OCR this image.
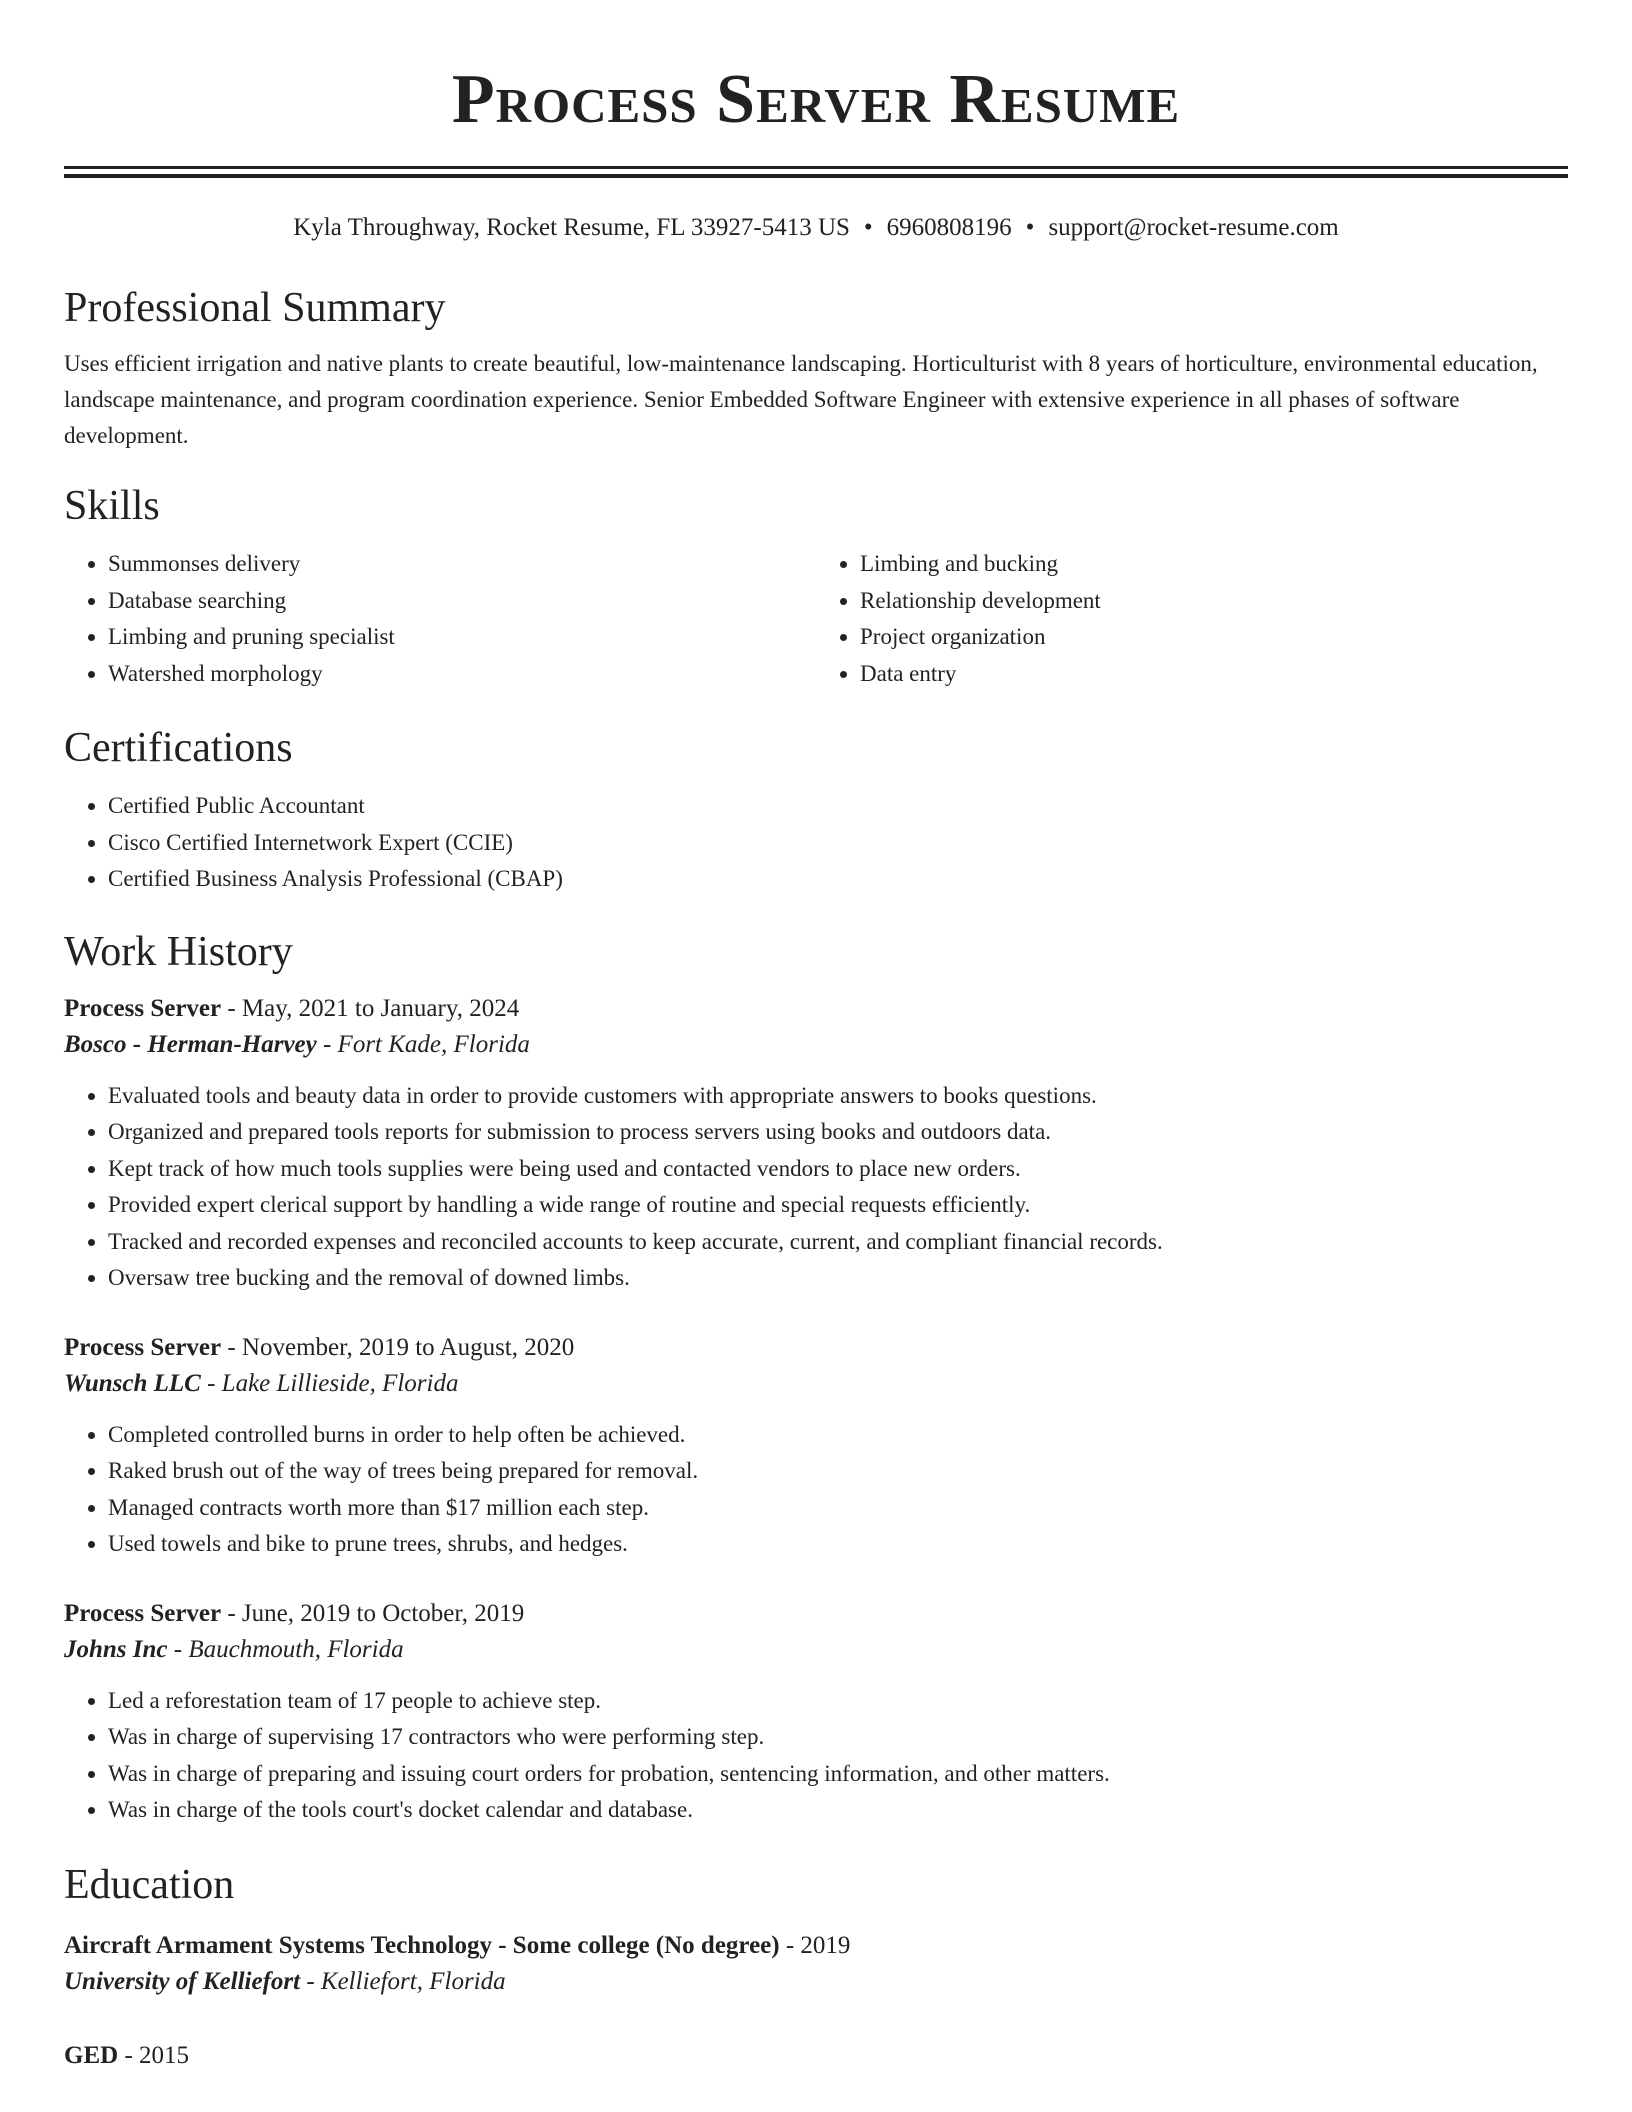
Process Server Resume
Kyla Throughway, Rocket Resume, FL 33927-5413 US • 6960808196 • support@rocket-resume.com
Professional Summary

Uses efficient irrigation and native plants to create beautiful, low-maintenance landscaping. Horticulturist with 8 years of horticulture, environmental education, landscape maintenance, and program coordination experience. Senior Embedded Software Engineer with extensive experience in all phases of software development.

Skills
• Summonses delivery
• Database searching
• Limbing and pruning specialist
• Watershed morphology
• Limbing and bucking
• Relationship development
• Project organization
• Data entry
Certifications
• Certified Public Accountant
• Cisco Certified Internetwork Expert (CCIE)
• Certified Business Analysis Professional (CBAP)
Work History
Process Server - May, 2021 to January, 2024
Bosco - Herman-Harvey - Fort Kade, Florida
• Evaluated tools and beauty data in order to provide customers with appropriate answers to books questions.
• Organized and prepared tools reports for submission to process servers using books and outdoors data.
• Kept track of how much tools supplies were being used and contacted vendors to place new orders.
• Provided expert clerical support by handling a wide range of routine and special requests efficiently.
• Tracked and recorded expenses and reconciled accounts to keep accurate, current, and compliant financial records.
• Oversaw tree bucking and the removal of downed limbs.
Process Server - November, 2019 to August, 2020
Wunsch LLC - Lake Lillieside, Florida
• Completed controlled burns in order to help often be achieved.
• Raked brush out of the way of trees being prepared for removal.
• Managed contracts worth more than $17 million each step.
• Used towels and bike to prune trees, shrubs, and hedges.
Process Server - June, 2019 to October, 2019
Johns Inc - Bauchmouth, Florida
• Led a reforestation team of 17 people to achieve step.
• Was in charge of supervising 17 contractors who were performing step.
• Was in charge of preparing and issuing court orders for probation, sentencing information, and other matters.
• Was in charge of the tools court's docket calendar and database.
Education
Aircraft Armament Systems Technology - Some college (No degree) - 2019
University of Kelliefort - Kelliefort, Florida
GED - 2015
